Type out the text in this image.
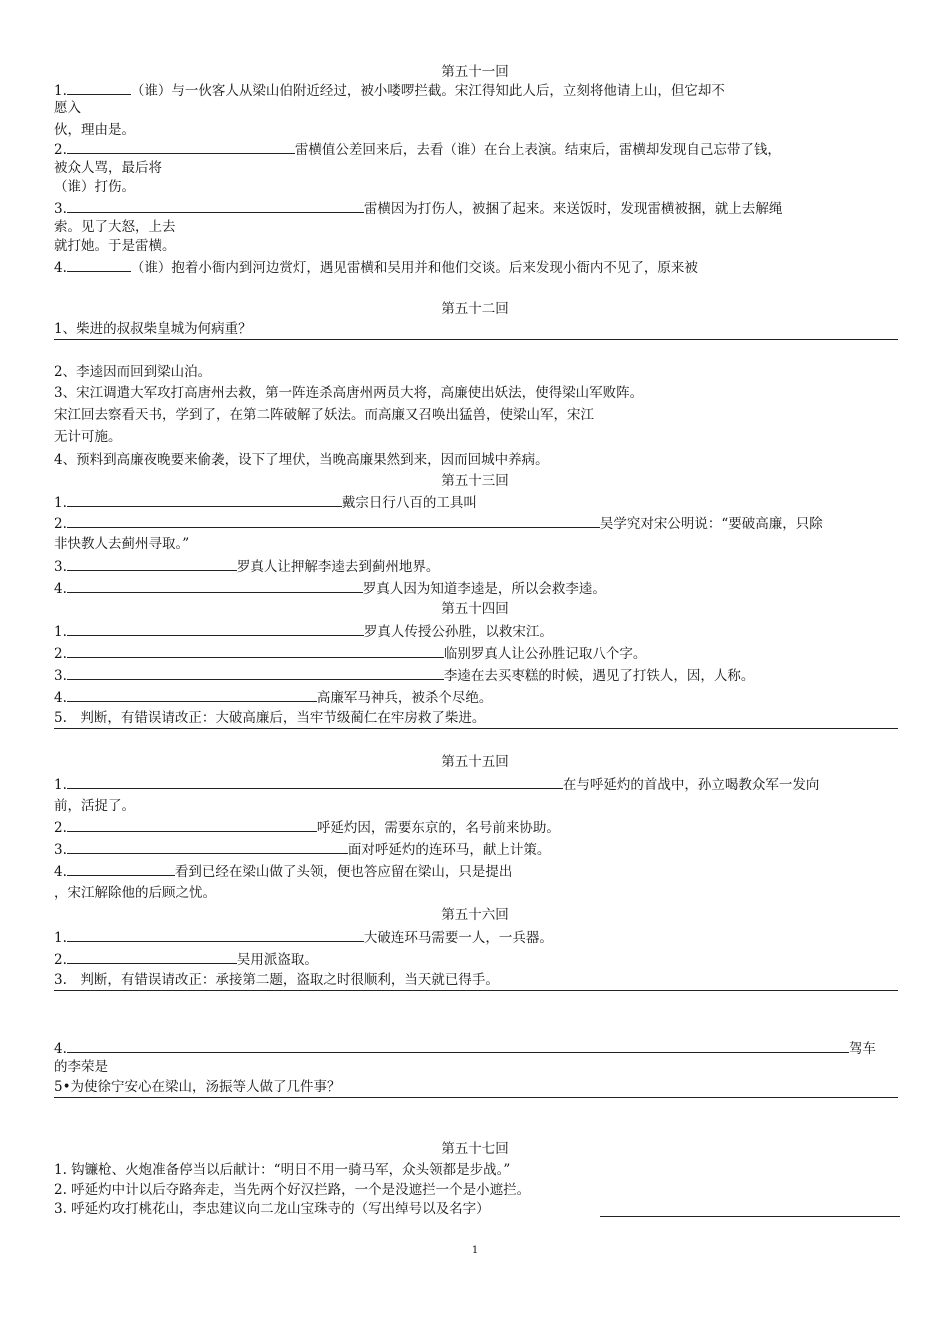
第五十一回
1.	（谁）与一伙客人从梁山伯附近经过，被小喽啰拦截。宋江得知此人后，立刻将他请上山，但它却不
愿入
伙，理由是。
2.	雷横值公差回来后，去看（谁）在台上表演。结束后，雷横却发现自己忘带了钱，
被众人骂，最后将
（谁）打伤。
3.	雷横因为打伤人，被捆了起来。来送饭时，发现雷横被捆，就上去解绳
索。见了大怒，上去
就打她。于是雷横。
4.	（谁）抱着小衙内到河边赏灯，遇见雷横和吴用并和他们交谈。后来发现小衙内不见了，原来被
第五十二回
1、柴进的叔叔柴皇城为何病重？
2、李逵因而回到梁山泊。
3、宋江调遣大军攻打高唐州去救，第一阵连杀高唐州两员大将，高廉使出妖法，使得梁山军败阵。
宋江回去察看天书，学到了，在第二阵破解了妖法。而高廉又召唤出猛兽，使梁山军，宋江
无计可施。
4、预料到高廉夜晚要来偷袭，设下了埋伏，当晚高廉果然到来，因而回城中养病。
第五十三回
1.	戴宗日行八百的工具叫
2.	吴学究对宋公明说：“要破高廉，只除
非快教人去蓟州寻取。”
3.	罗真人让押解李逵去到蓟州地界。
4.	罗真人因为知道李逵是，所以会救李逵。
第五十四回
1.	罗真人传授公孙胜，以救宋江。
2.	临别罗真人让公孙胜记取八个字。
3.	李逵在去买枣糕的时候，遇见了打铁人，因，人称。
4.	高廉军马神兵，被杀个尽绝。
5.　判断，有错误请改正：大破高廉后，当牢节级蔺仁在牢房救了柴进。
第五十五回
1.	在与呼延灼的首战中，孙立喝教众军一发向
前，活捉了。
2.	呼延灼因，需要东京的，名号前来协助。
3.	面对呼延灼的连环马，献上计策。
4.	看到已经在梁山做了头领，便也答应留在梁山，只是提出
，宋江解除他的后顾之忧。
第五十六回
1.	大破连环马需要一人，一兵器。
2.	吴用派盗取。
3.　判断，有错误请改正：承接第二题，盗取之时很顺利，当天就已得手。
4.	驾车
的李荣是
5•为使徐宁安心在梁山，汤振等人做了几件事？
第五十七回
1. 钩镰枪、火炮准备停当以后献计：“明日不用一骑马军，众头领都是步战。”
2. 呼延灼中计以后夺路奔走，当先两个好汉拦路，一个是没遮拦一个是小遮拦。
3. 呼延灼攻打桃花山，李忠建议向二龙山宝珠寺的（写出绰号以及名字）
1
